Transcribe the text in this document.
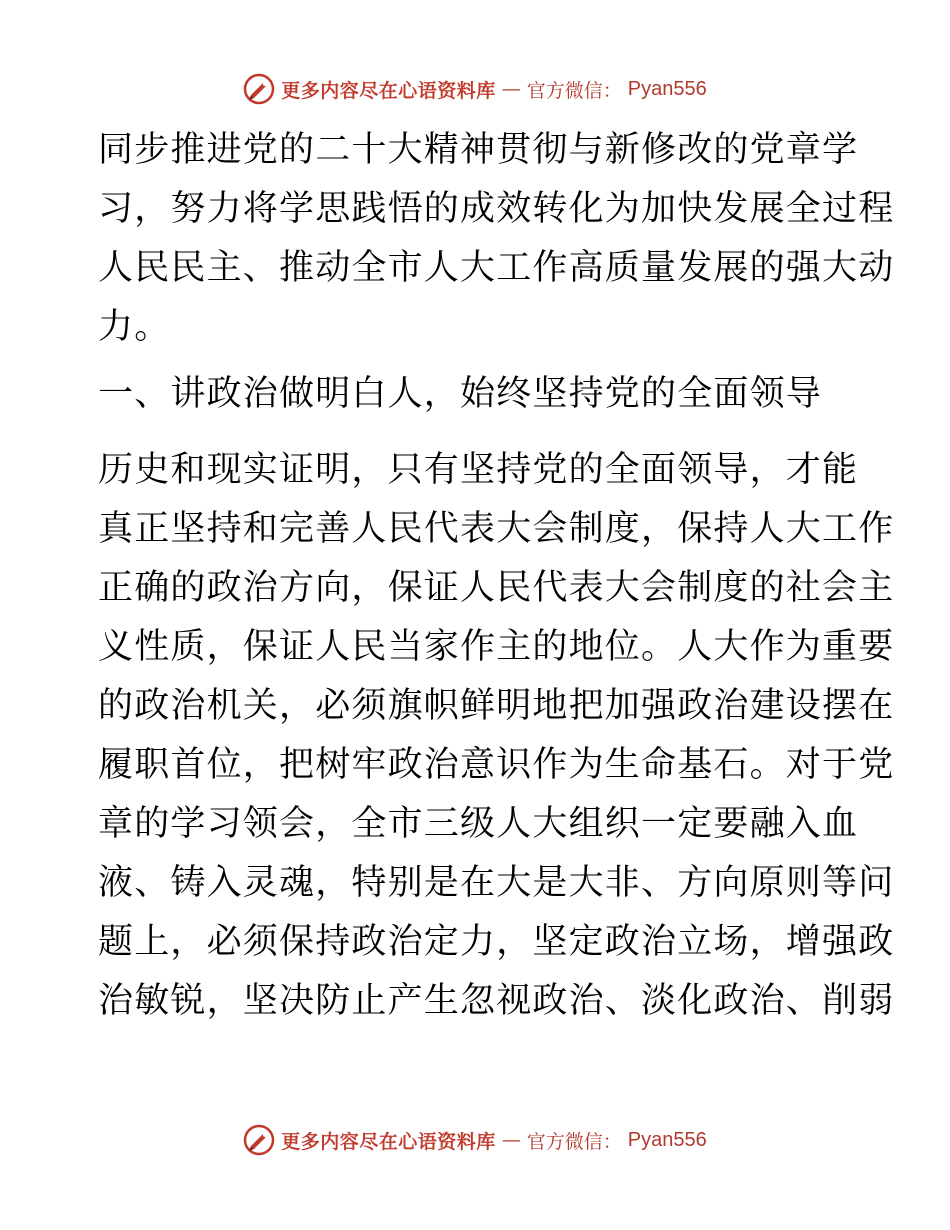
更多内容尽在心语资料库 — 官方微信： Pyan556
同步推进党的二十大精神贯彻与新修改的党章学
习，努力将学思践悟的成效转化为加快发展全过程
人民民主、推动全市人大工作高质量发展的强大动
力。
一、讲政治做明白人，始终坚持党的全面领导
历史和现实证明，只有坚持党的全面领导，才能
真正坚持和完善人民代表大会制度，保持人大工作
正确的政治方向，保证人民代表大会制度的社会主
义性质，保证人民当家作主的地位。人大作为重要
的政治机关，必须旗帜鲜明地把加强政治建设摆在
履职首位，把树牢政治意识作为生命基石。对于党
章的学习领会，全市三级人大组织一定要融入血
液、铸入灵魂，特别是在大是大非、方向原则等问
题上，必须保持政治定力，坚定政治立场，增强政
治敏锐，坚决防止产生忽视政治、淡化政治、削弱
更多内容尽在心语资料库 — 官方微信： Pyan556
